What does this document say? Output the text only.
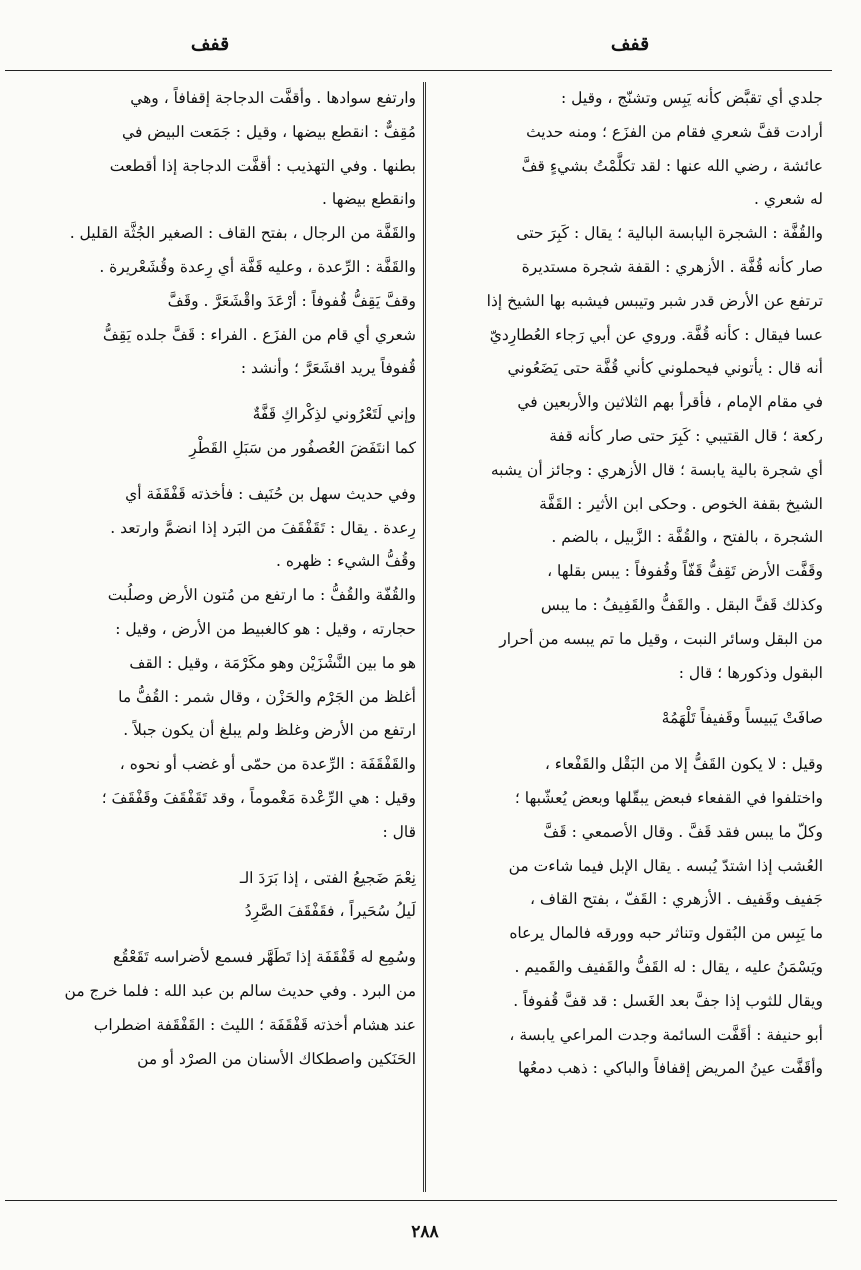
قفف
قفف
جلدي أي تقبَّض كأنه يَبِس وتشنّج ، وقيل :
أرادت قفَّ شعري فقام من الفزَع ؛ ومنه حديث
عائشة ، رضي الله عنها : لقد تكلَّمْتُ بشيءٍ قفَّ
له شعري .
والقُفَّة : الشجرة اليابسة البالية ؛ يقال : كَبِرَ حتى
صار كأنه قُفَّة . الأزهري : القفة شجرة مستديرة
ترتفع عن الأرض قدر شبر وتيبس فيشبه بها الشيخ إذا
عسا فيقال : كأنه قُفَّة. وروي عن أبي رَجاء العُطارِديّ
أنه قال : يأتوني فيحملوني كأني قُفَّة حتى يَضَعُوني
في مقام الإمام ، فأقرأ بهم الثلاثين والأربعين في
ركعة ؛ قال القتيبي : كَبِرَ حتى صار كأنه قفة
أي شجرة بالية يابسة ؛ قال الأزهري : وجائز أن يشبه
الشيخ بقفة الخوص . وحكى ابن الأثير : القَفَّة
الشجرة ، بالفتح ، والقُفَّة : الزَّبيل ، بالضم .
وقَفَّت الأرض تَقِفُّ قَفّاً وقُفوفاً : يبس بقلها ،
وكذلك قَفَّ البقل . والقَفُّ والقَفِيفُ : ما يبس
من البقل وسائر النبت ، وقيل ما تم يبسه من أحرار
البقول وذكورها ؛ قال :
صافَتْ يَبيساً وقَفيفاً تَلْهَمُهْ
وقيل : لا يكون القَفُّ إلا من البَقْل والقَفْعاء ،
واختلفوا في القفعاء فبعض يبقّلها وبعض يُعشّبها ؛
وكلّ ما يبس فقد قَفَّ . وقال الأصمعي : قَفَّ
العُشب إذا اشتدّ يُبسه . يقال الإبل فيما شاءت من
جَفيف وقَفيف . الأزهري : القَفّ ، بفتح القاف ،
ما يَبِس من البُقول وتناثر حبه وورقه فالمال يرعاه
ويَسْمَنُ عليه ، يقال : له القَفُّ والقَفيف والقَميم .
ويقال للثوب إذا جفَّ بعد الغَسل : قد قفَّ قُفوفاً .
أبو حنيفة : أقَفَّت السائمة وجدت المراعي يابسة ،
وأقَفَّت عينُ المريض إقفافاً والباكي : ذهب دمعُها
وارتفع سوادها . وأقفَّت الدجاجة إقفافاً ، وهي
مُقِفٌّ : انقطع بيضها ، وقيل : جَمَعت البيض في
بطنها . وفي التهذيب : أقفَّت الدجاجة إذا أقطعت
وانقطع بيضها .
والقَفَّة من الرجال ، بفتح القاف : الصغير الجُثَّة القليل .
والقَفَّة : الرِّعدة ، وعليه قَفَّة أي رِعدة وقُشَعْريرة .
وقفَّ يَقِفُّ قُفوفاً : أرْعَدَ واقْشَعَرَّ . وقَفَّ
شعري أي قام من الفزَع . الفراء : قَفَّ جلده يَقِفُّ
قُفوفاً يريد اقشَعَرَّ ؛ وأنشد :
وإني لَتَعْرُوني لذِكْراكِ قَفَّةٌ
كما انتَفَضَ العُصفُور من سَبَلِ القَطْرِ
وفي حديث سهل بن حُنَيف : فأخذته قَفْقَفَة أي
رِعدة . يقال : تَقَفْقَفَ من البَرد إذا انضمَّ وارتعد .
وقُفُّ الشيء : ظهره .
والقُفّة والقُفُّ : ما ارتفع من مُتون الأرض وصلُبت
حجارته ، وقيل : هو كالغبيط من الأرض ، وقيل :
هو ما بين النَّشْزَيْن وهو مكَرْمَة ، وقيل : القف
أغلظ من الجَرْم والحَزْن ، وقال شمر : القُفُّ ما
ارتفع من الأرض وغلظ ولم يبلغ أن يكون جبلاً .
والقَفْقَفَة : الرِّعدة من حمّى أو غضب أو نحوه ،
وقيل : هي الرِّعْدة مَغْموماً ، وقد تَقَفْقَفَ وقَفْقَفَ ؛
قال :
نِعْمَ ضَجيعُ الفتى ، إذا بَرَدَ الـ
لَيلُ سُحَيراً ، فقَفْقَفَ الصَّرِدُ
وسُمِع له قَفْقَفَة إذا تَطَهَّر فسمع لأضراسه تَقَعْقُع
من البرد . وفي حديث سالم بن عبد الله : فلما خرج من
عند هشام أخذته قَفْقَفَة ؛ الليث : القَفْقَفة اضطراب
الحَنَكين واصطكاك الأسنان من الصرْد أو من
٢٨٨
